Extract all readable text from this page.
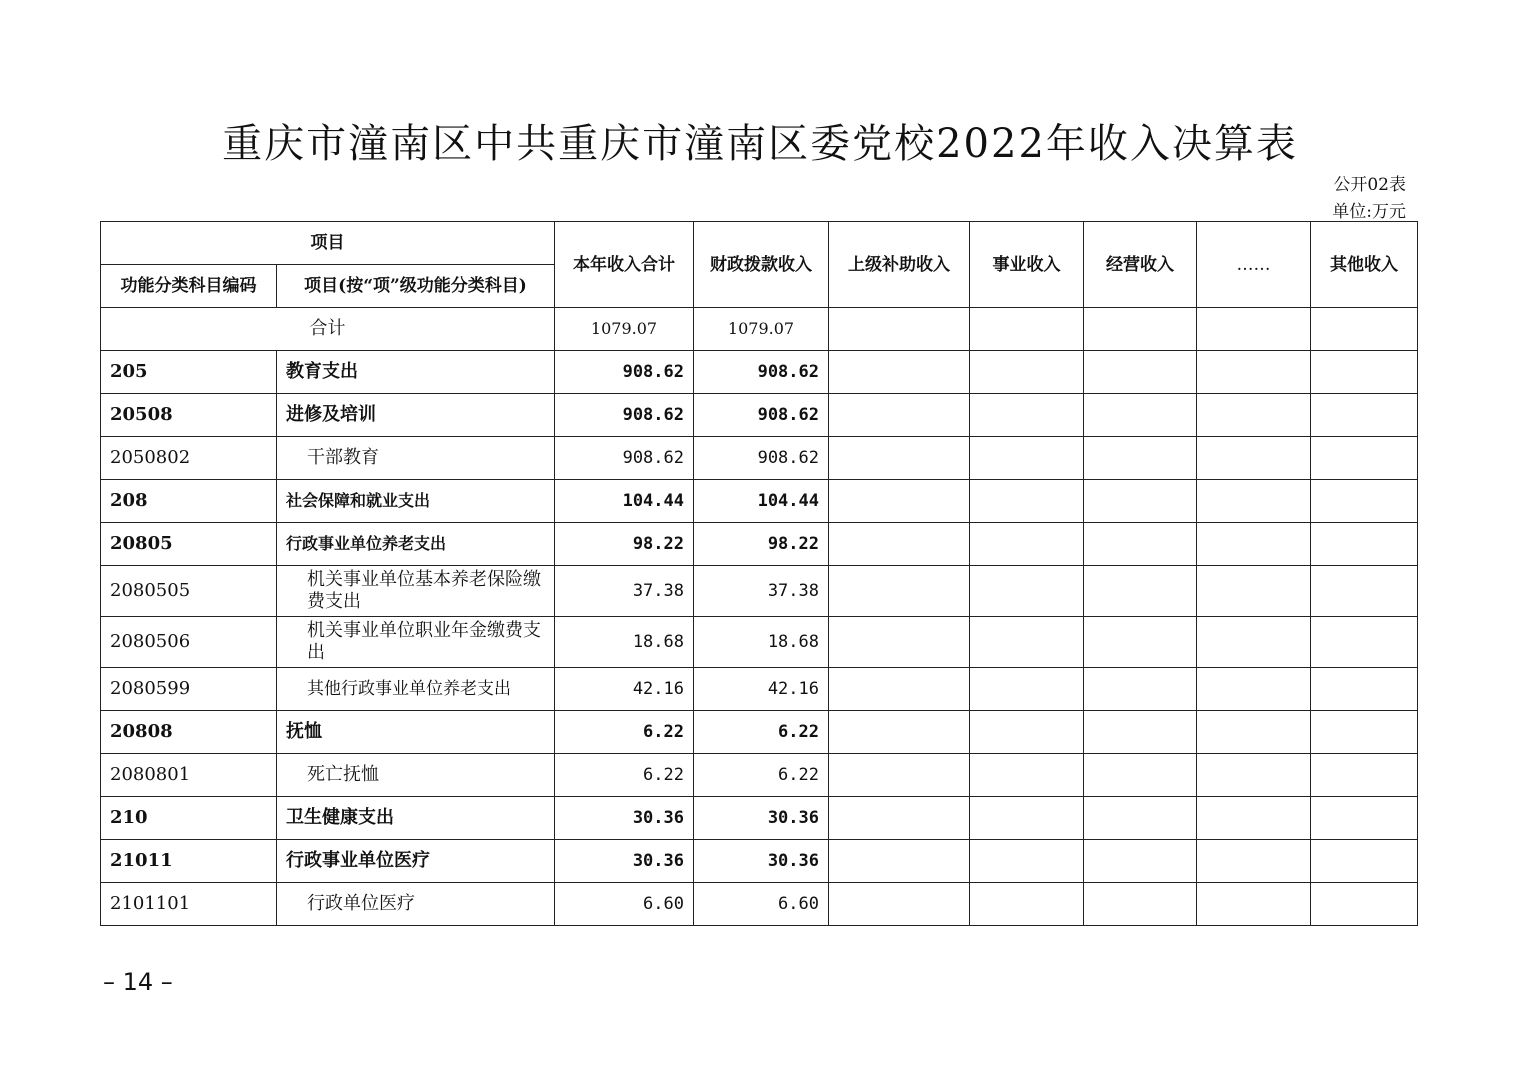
重庆市潼南区中共重庆市潼南区委党校2022年收入决算表
公开02表
单位:万元
项目		本年收入合计	财政拨款收入	上级补助收入	事业收入	经营收入	……	其他收入
功能分类科目编码	项目(按“项”级功能分类科目)							
合计		1079.07	1079.07					
205	教育支出	908.62	908.62					
20508	进修及培训	908.62	908.62					
2050802	干部教育	908.62	908.62					
208	社会保障和就业支出	104.44	104.44					
20805	行政事业单位养老支出	98.22	98.22					
2080505	机关事业单位基本养老保险缴费支出	37.38	37.38					
2080506	机关事业单位职业年金缴费支出	18.68	18.68					
2080599	其他行政事业单位养老支出	42.16	42.16					
20808	抚恤	6.22	6.22					
2080801	死亡抚恤	6.22	6.22					
210	卫生健康支出	30.36	30.36					
21011	行政事业单位医疗	30.36	30.36					
2101101	行政单位医疗	6.60	6.60					
– 14 –
